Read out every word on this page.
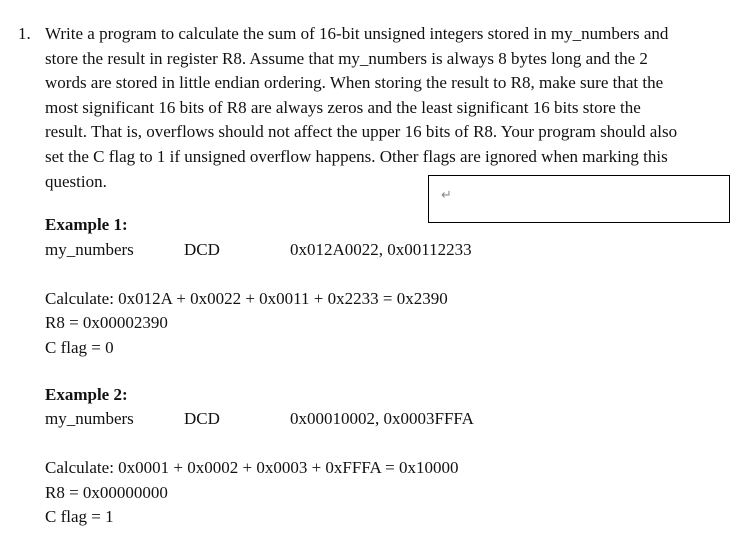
1. Write a program to calculate the sum of 16-bit unsigned integers stored in my_numbers and
store the result in register R8. Assume that my_numbers is always 8 bytes long and the 2
words are stored in little endian ordering. When storing the result to R8, make sure that the
most significant 16 bits of R8 are always zeros and the least significant 16 bits store the
result. That is, overflows should not affect the upper 16 bits of R8. Your program should also
set the C flag to 1 if unsigned overflow happens. Other flags are ignored when marking this
question.
↵
Example 1:
my_numbers	DCD	0x012A0022, 0x00112233
Calculate: 0x012A + 0x0022 + 0x0011 + 0x2233 = 0x2390
R8 = 0x00002390
C flag = 0
Example 2:
my_numbers	DCD	0x00010002, 0x0003FFFA
Calculate: 0x0001 + 0x0002 + 0x0003 + 0xFFFA = 0x10000
R8 = 0x00000000
C flag = 1
